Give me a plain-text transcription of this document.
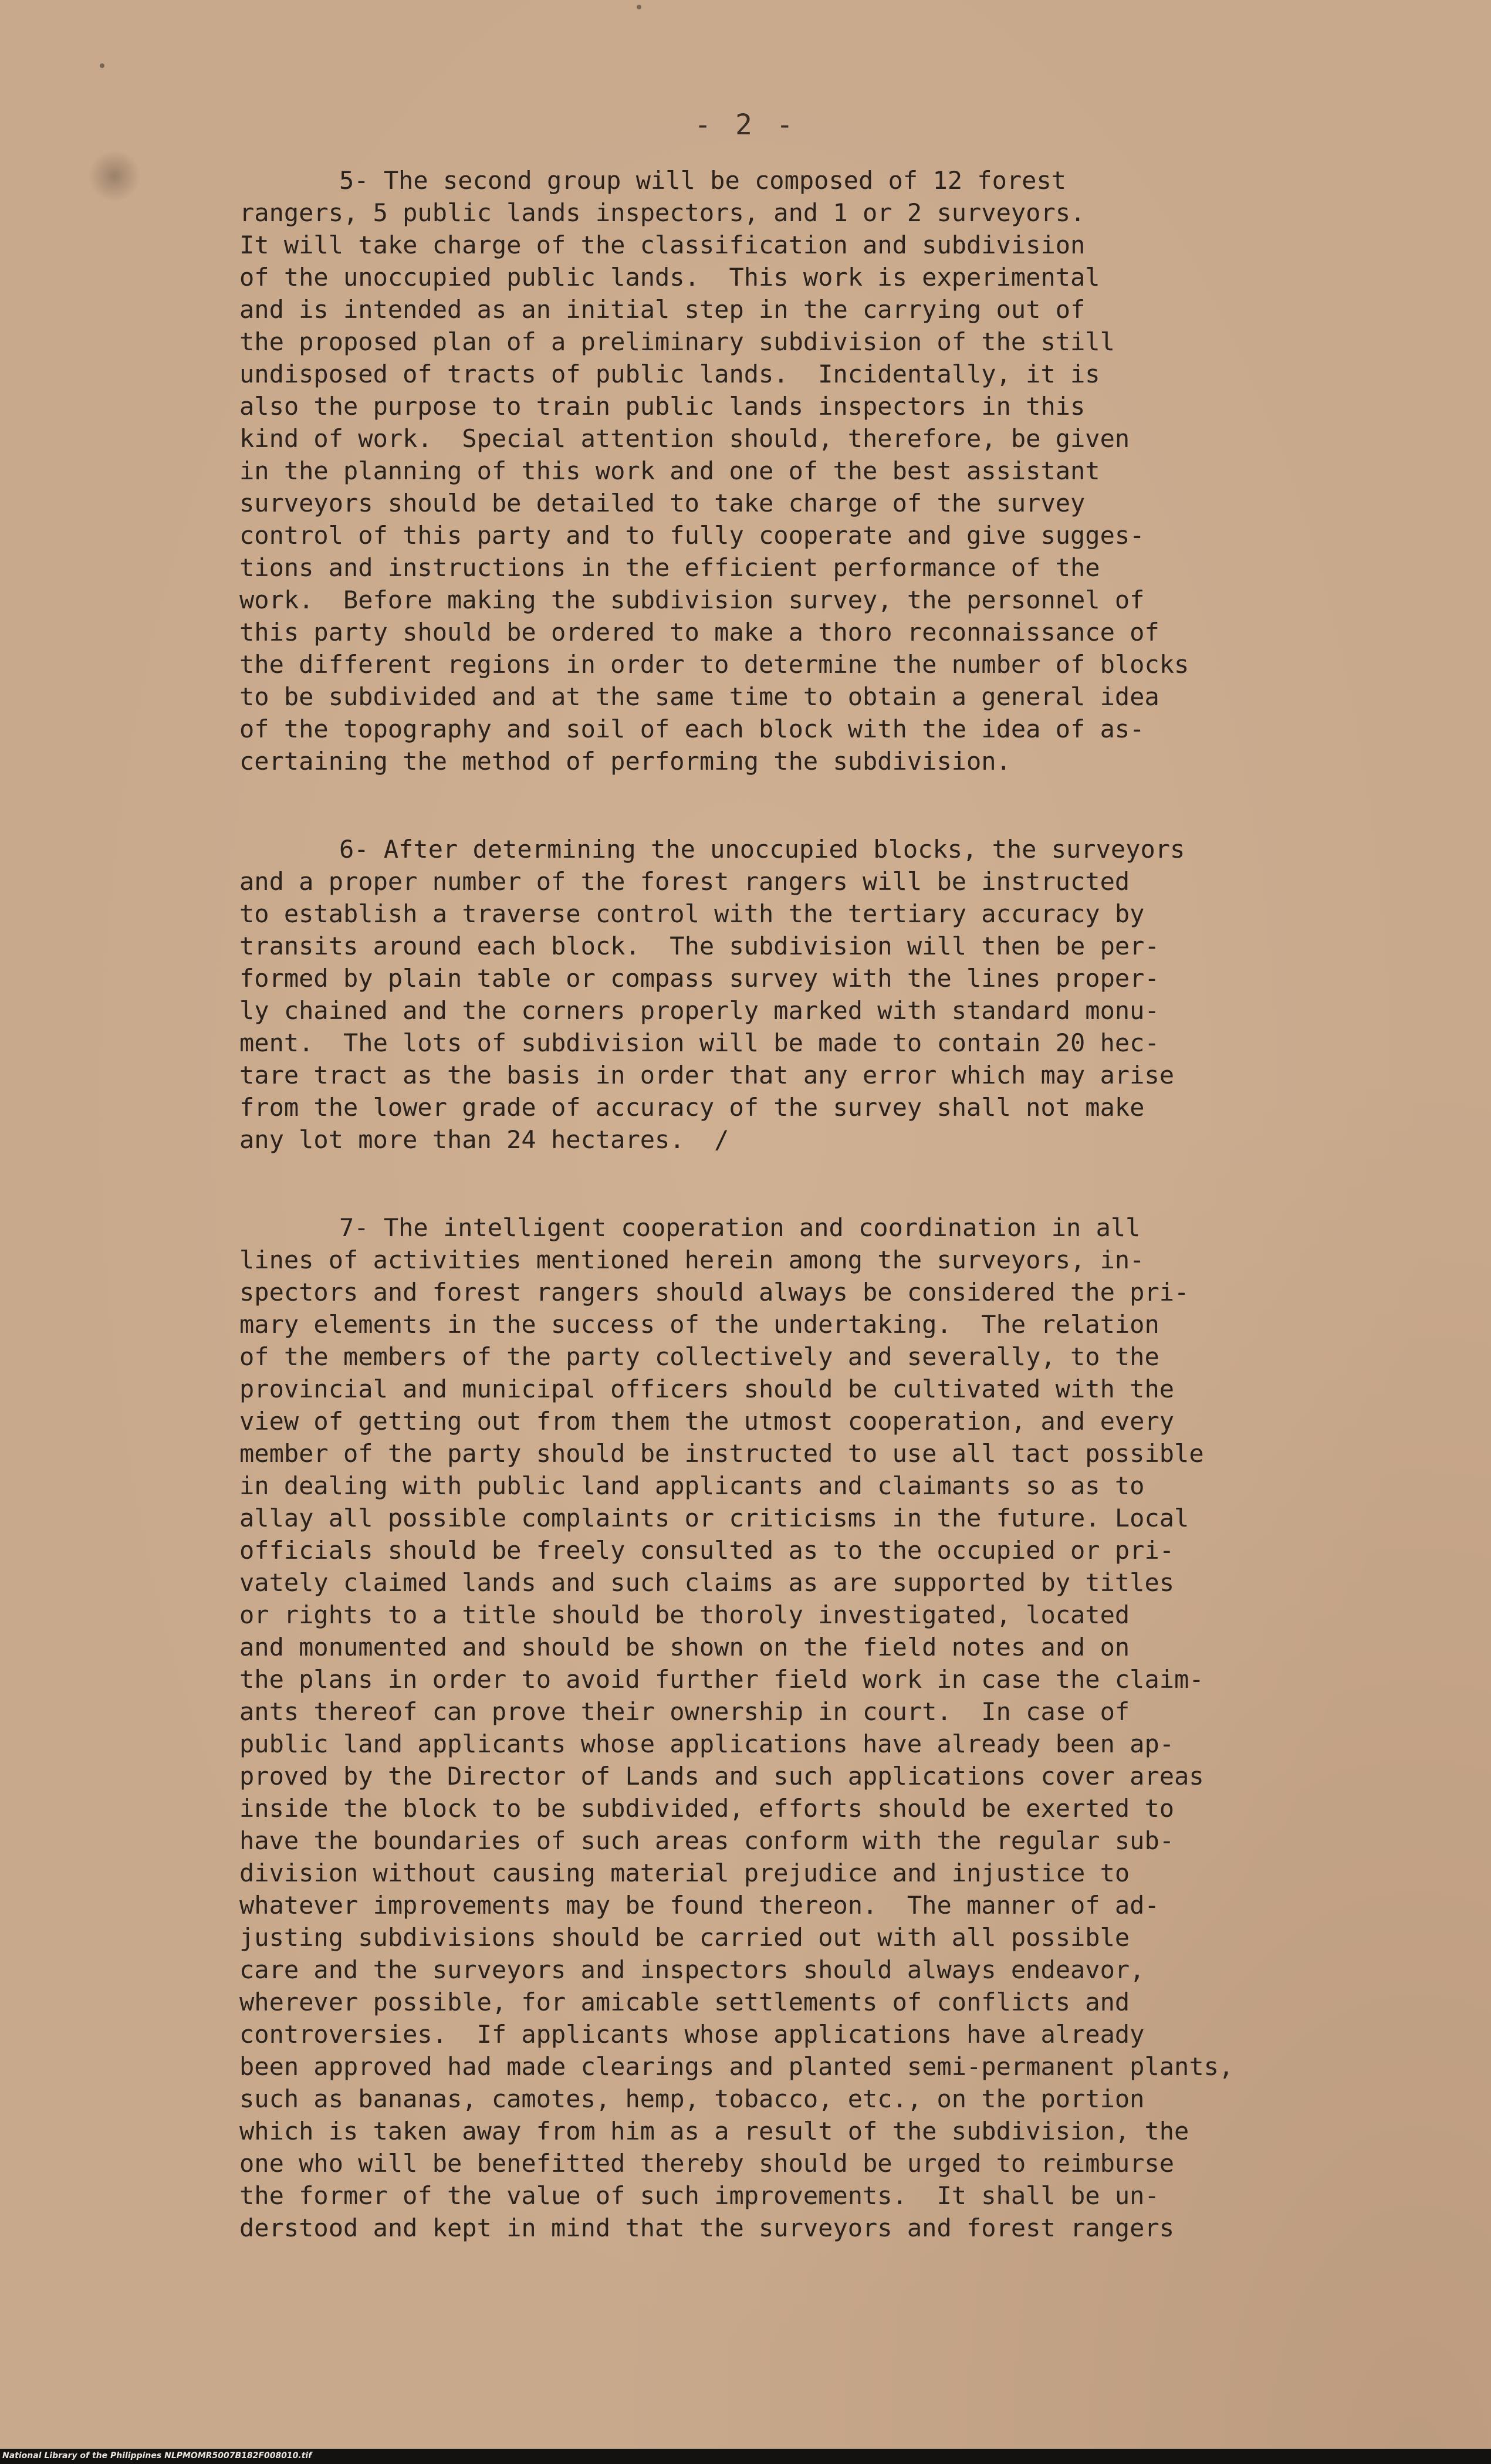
- 2 -
5- The second group will be composed of 12 forest
rangers, 5 public lands inspectors, and 1 or 2 surveyors.
It will take charge of the classification and subdivision
of the unoccupied public lands.  This work is experimental
and is intended as an initial step in the carrying out of
the proposed plan of a preliminary subdivision of the still
undisposed of tracts of public lands.  Incidentally, it is
also the purpose to train public lands inspectors in this
kind of work.  Special attention should, therefore, be given
in the planning of this work and one of the best assistant
surveyors should be detailed to take charge of the survey
control of this party and to fully cooperate and give sugges-
tions and instructions in the efficient performance of the
work.  Before making the subdivision survey, the personnel of
this party should be ordered to make a thoro reconnaissance of
the different regions in order to determine the number of blocks
to be subdivided and at the same time to obtain a general idea
of the topography and soil of each block with the idea of as-
certaining the method of performing the subdivision.
6- After determining the unoccupied blocks, the surveyors
and a proper number of the forest rangers will be instructed
to establish a traverse control with the tertiary accuracy by
transits around each block.  The subdivision will then be per-
formed by plain table or compass survey with the lines proper-
ly chained and the corners properly marked with standard monu-
ment.  The lots of subdivision will be made to contain 20 hec-
tare tract as the basis in order that any error which may arise
from the lower grade of accuracy of the survey shall not make
any lot more than 24 hectares.  /
7- The intelligent cooperation and coordination in all
lines of activities mentioned herein among the surveyors, in-
spectors and forest rangers should always be considered the pri-
mary elements in the success of the undertaking.  The relation
of the members of the party collectively and severally, to the
provincial and municipal officers should be cultivated with the
view of getting out from them the utmost cooperation, and every
member of the party should be instructed to use all tact possible
in dealing with public land applicants and claimants so as to
allay all possible complaints or criticisms in the future. Local
officials should be freely consulted as to the occupied or pri-
vately claimed lands and such claims as are supported by titles
or rights to a title should be thoroly investigated, located
and monumented and should be shown on the field notes and on
the plans in order to avoid further field work in case the claim-
ants thereof can prove their ownership in court.  In case of
public land applicants whose applications have already been ap-
proved by the Director of Lands and such applications cover areas
inside the block to be subdivided, efforts should be exerted to
have the boundaries of such areas conform with the regular sub-
division without causing material prejudice and injustice to
whatever improvements may be found thereon.  The manner of ad-
justing subdivisions should be carried out with all possible
care and the surveyors and inspectors should always endeavor,
wherever possible, for amicable settlements of conflicts and
controversies.  If applicants whose applications have already
been approved had made clearings and planted semi-permanent plants,
such as bananas, camotes, hemp, tobacco, etc., on the portion
which is taken away from him as a result of the subdivision, the
one who will be benefitted thereby should be urged to reimburse
the former of the value of such improvements.  It shall be un-
derstood and kept in mind that the surveyors and forest rangers
National Library of the Philippines NLPMOMR5007B182F008010.tif
